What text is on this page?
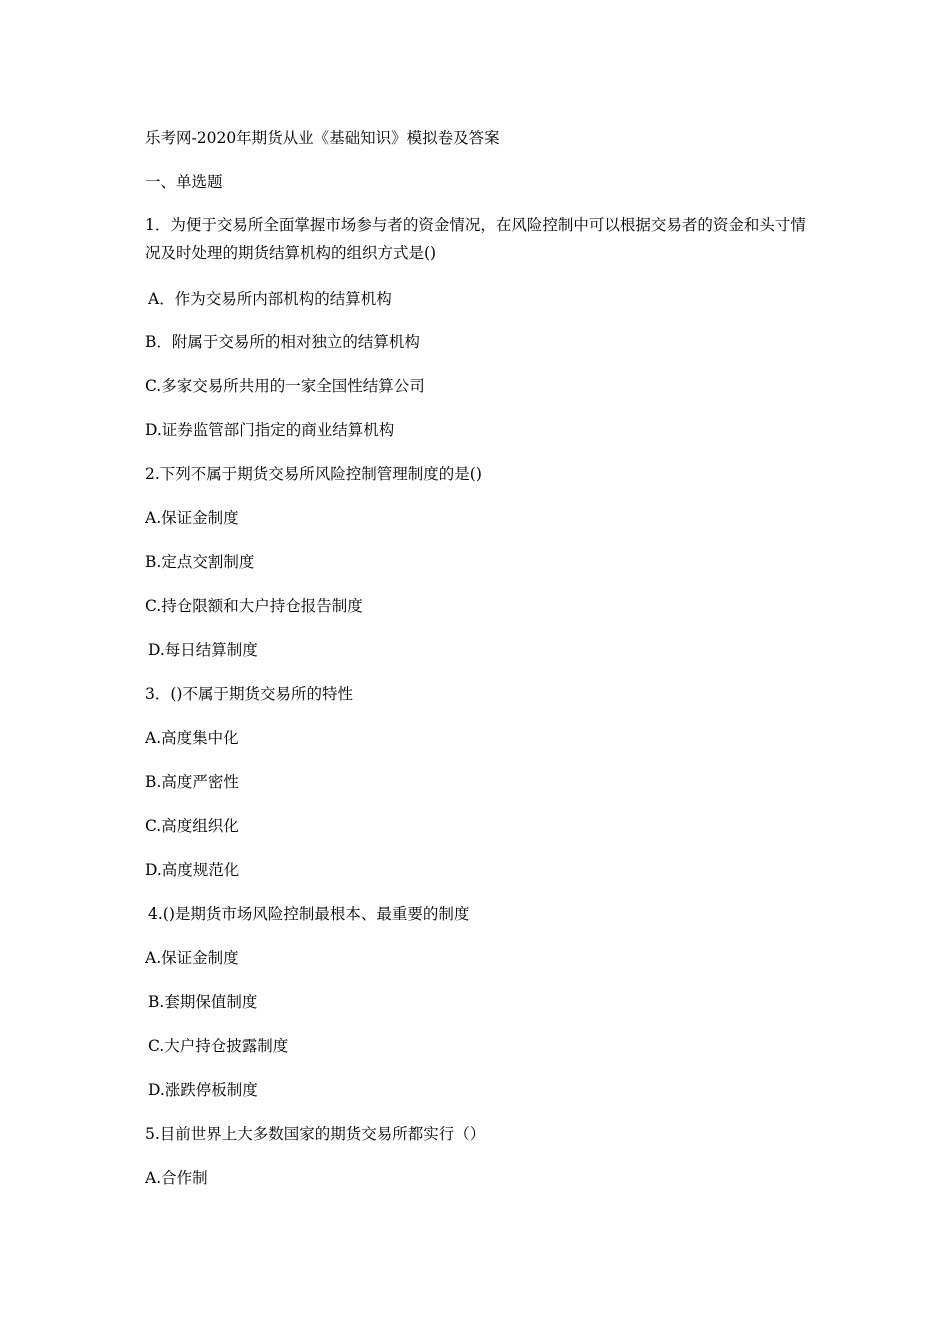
乐考网-2020年期货从业《基础知识》模拟卷及答案
一、单选题
1．为便于交易所全面掌握市场参与者的资金情况，在风险控制中可以根据交易者的资金和头寸情况及时处理的期货结算机构的组织方式是()
A．作为交易所内部机构的结算机构
B．附属于交易所的相对独立的结算机构
C.多家交易所共用的一家全国性结算公司
D.证券监管部门指定的商业结算机构
2.下列不属于期货交易所风险控制管理制度的是()
A.保证金制度
B.定点交割制度
C.持仓限额和大户持仓报告制度
D.每日结算制度
3．()不属于期货交易所的特性
A.高度集中化
B.高度严密性
C.高度组织化
D.高度规范化
4.()是期货市场风险控制最根本、最重要的制度
A.保证金制度
B.套期保值制度
C.大户持仓披露制度
D.涨跌停板制度
5.目前世界上大多数国家的期货交易所都实行（）
A.合作制
